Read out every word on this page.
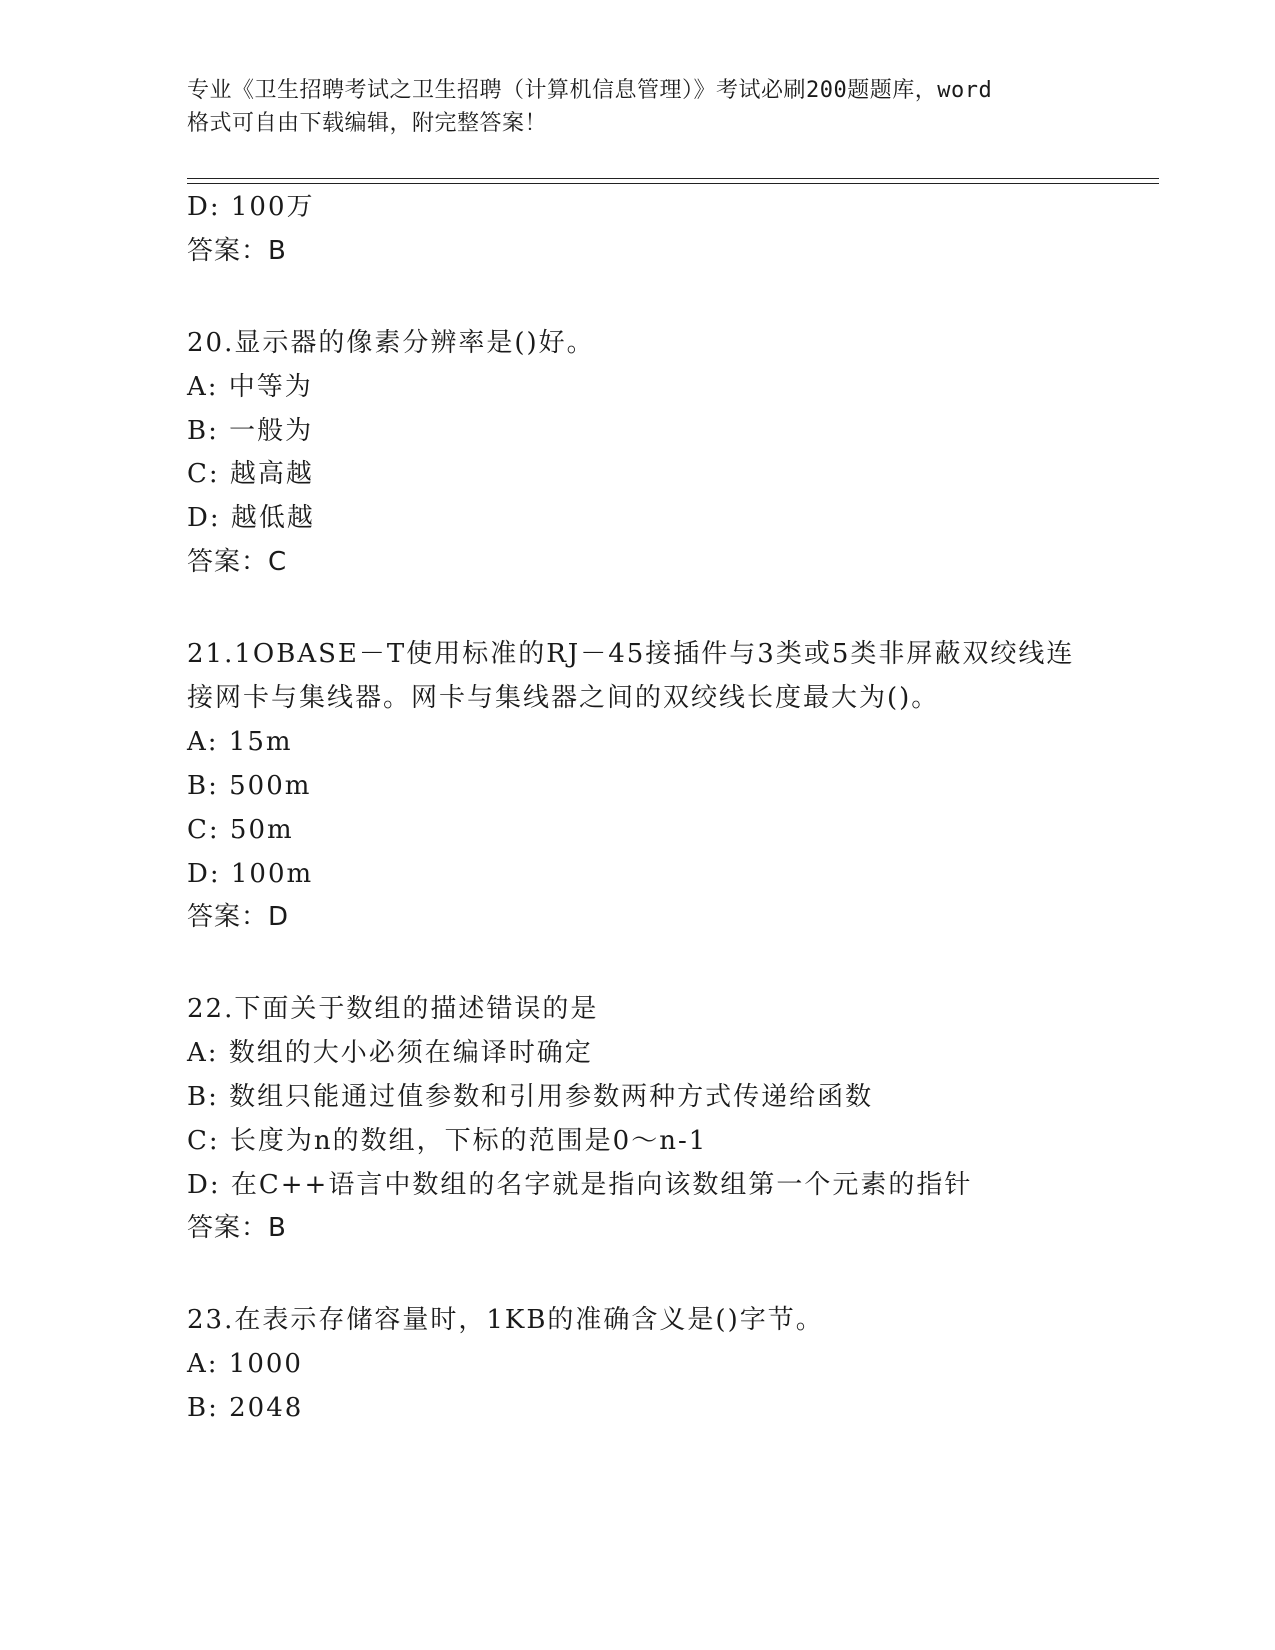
专业《卫生招聘考试之卫生招聘（计算机信息管理）》考试必刷200题题库，word
格式可自由下载编辑，附完整答案！
D: 100万
答案：B
20.显示器的像素分辨率是()好。
A: 中等为
B: 一般为
C: 越高越
D: 越低越
答案：C
21.1OBASE－T使用标准的RJ－45接插件与3类或5类非屏蔽双绞线连
接网卡与集线器。网卡与集线器之间的双绞线长度最大为()。
A: 15m
B: 500m
C: 50m
D: 100m
答案：D
22.下面关于数组的描述错误的是
A: 数组的大小必须在编译时确定
B: 数组只能通过值参数和引用参数两种方式传递给函数
C: 长度为n的数组，下标的范围是0～n-1
D: 在C++语言中数组的名字就是指向该数组第一个元素的指针
答案：B
23.在表示存储容量时，1KB的准确含义是()字节。
A: 1000
B: 2048
